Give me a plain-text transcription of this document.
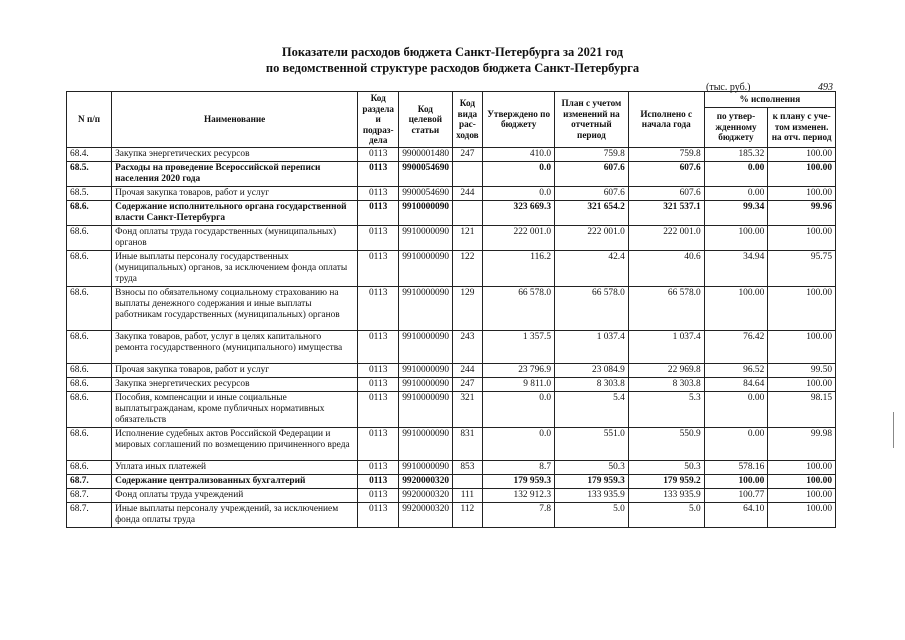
Показатели расходов бюджета Санкт-Петербурга за 2021 год
по ведомственной структуре расходов бюджета Санкт-Петербурга
(тыс. руб.)	493
N п/п	Наименование	Код раздела и подраз-дела	Код целевой статьи	Код вида рас-ходов	Утверждено по бюджету	План с учетом изменений на отчетный период	Исполнено с начала года	% исполнения	
								по утвер-жденному бюджету	к плану с уче-том изменен. на отч. период
68.4.	Закупка энергетических ресурсов	0113	9900001480	247	410.0	759.8	759.8	185.32	100.00
68.5.	Расходы на проведение Всероссийской переписи населения 2020 года	0113	9900054690		0.0	607.6	607.6	0.00	100.00
68.5.	Прочая закупка товаров, работ и услуг	0113	9900054690	244	0.0	607.6	607.6	0.00	100.00
68.6.	Содержание исполнительного органа государственной власти Санкт-Петербурга	0113	9910000090		323 669.3	321 654.2	321 537.1	99.34	99.96
68.6.	Фонд оплаты труда государственных (муниципальных) органов	0113	9910000090	121	222 001.0	222 001.0	222 001.0	100.00	100.00
68.6.	Иные выплаты персоналу государственных (муниципальных) органов, за исключением фонда оплаты труда	0113	9910000090	122	116.2	42.4	40.6	34.94	95.75
68.6.	Взносы по обязательному социальному страхованию на выплаты денежного содержания и иные выплаты работникам государственных (муниципальных) органов	0113	9910000090	129	66 578.0	66 578.0	66 578.0	100.00	100.00
68.6.	Закупка товаров, работ, услуг в целях капитального ремонта государственного (муниципального) имущества	0113	9910000090	243	1 357.5	1 037.4	1 037.4	76.42	100.00
68.6.	Прочая закупка товаров, работ и услуг	0113	9910000090	244	23 796.9	23 084.9	22 969.8	96.52	99.50
68.6.	Закупка энергетических ресурсов	0113	9910000090	247	9 811.0	8 303.8	8 303.8	84.64	100.00
68.6.	Пособия, компенсации и иные социальные выплатыгражданам, кроме публичных нормативных обязательств	0113	9910000090	321	0.0	5.4	5.3	0.00	98.15
68.6.	Исполнение судебных актов Российской Федерации и мировых соглашений по возмещению причиненного вреда	0113	9910000090	831	0.0	551.0	550.9	0.00	99.98
68.6.	Уплата иных платежей	0113	9910000090	853	8.7	50.3	50.3	578.16	100.00
68.7.	Содержание централизованных бухгалтерий	0113	9920000320		179 959.3	179 959.3	179 959.2	100.00	100.00
68.7.	Фонд оплаты труда учреждений	0113	9920000320	111	132 912.3	133 935.9	133 935.9	100.77	100.00
68.7.	Иные выплаты персоналу учреждений, за исключением фонда оплаты труда	0113	9920000320	112	7.8	5.0	5.0	64.10	100.00
